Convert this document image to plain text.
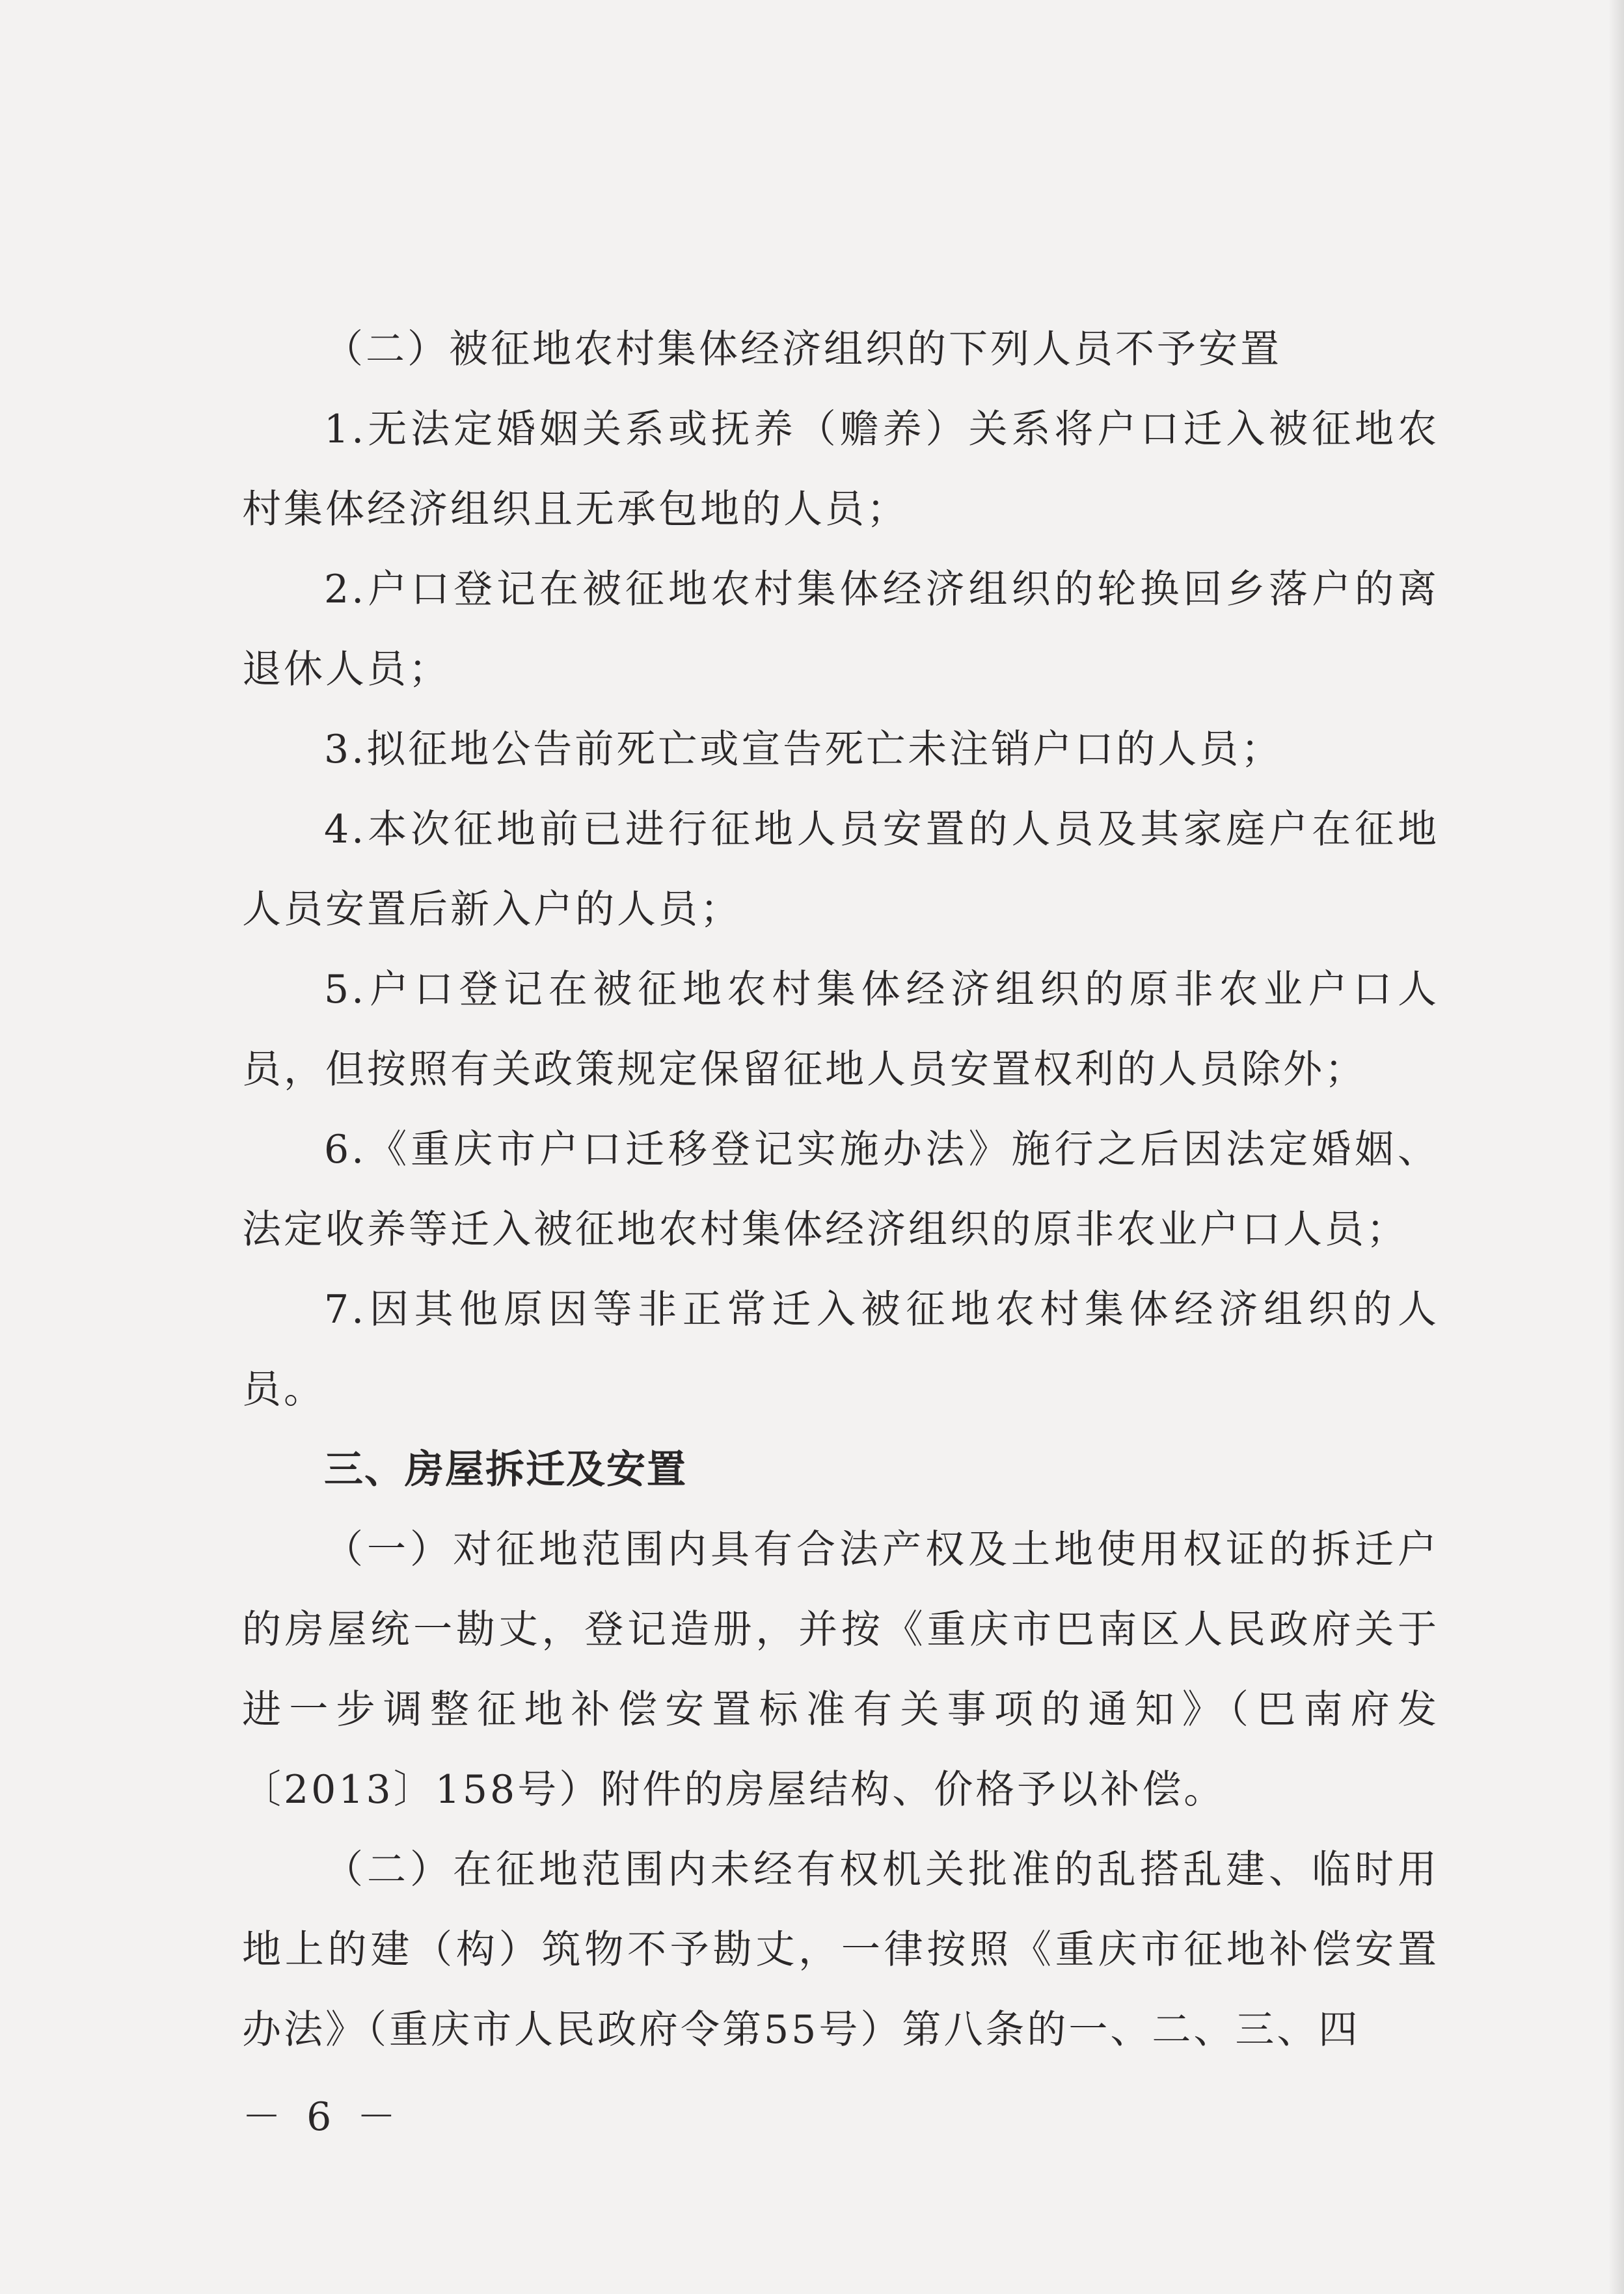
（二）被征地农村集体经济组织的下列人员不予安置

1.无法定婚姻关系或抚养（赡养）关系将户口迁入被征地农村集体经济组织且无承包地的人员；

2.户口登记在被征地农村集体经济组织的轮换回乡落户的离退休人员；

3.拟征地公告前死亡或宣告死亡未注销户口的人员；

4.本次征地前已进行征地人员安置的人员及其家庭户在征地人员安置后新入户的人员；

5.户口登记在被征地农村集体经济组织的原非农业户口人员，但按照有关政策规定保留征地人员安置权利的人员除外；

6.《重庆市户口迁移登记实施办法》施行之后因法定婚姻、法定收养等迁入被征地农村集体经济组织的原非农业户口人员；

7.因其他原因等非正常迁入被征地农村集体经济组织的人员。

三、房屋拆迁及安置

（一）对征地范围内具有合法产权及土地使用权证的拆迁户的房屋统一勘丈，登记造册，并按《重庆市巴南区人民政府关于进一步调整征地补偿安置标准有关事项的通知》（巴南府发〔2013〕158号）附件的房屋结构、价格予以补偿。

（二）在征地范围内未经有权机关批准的乱搭乱建、临时用地上的建（构）筑物不予勘丈，一律按照《重庆市征地补偿安置办法》（重庆市人民政府令第55号）第八条的一、二、三、四

－ 6 －
